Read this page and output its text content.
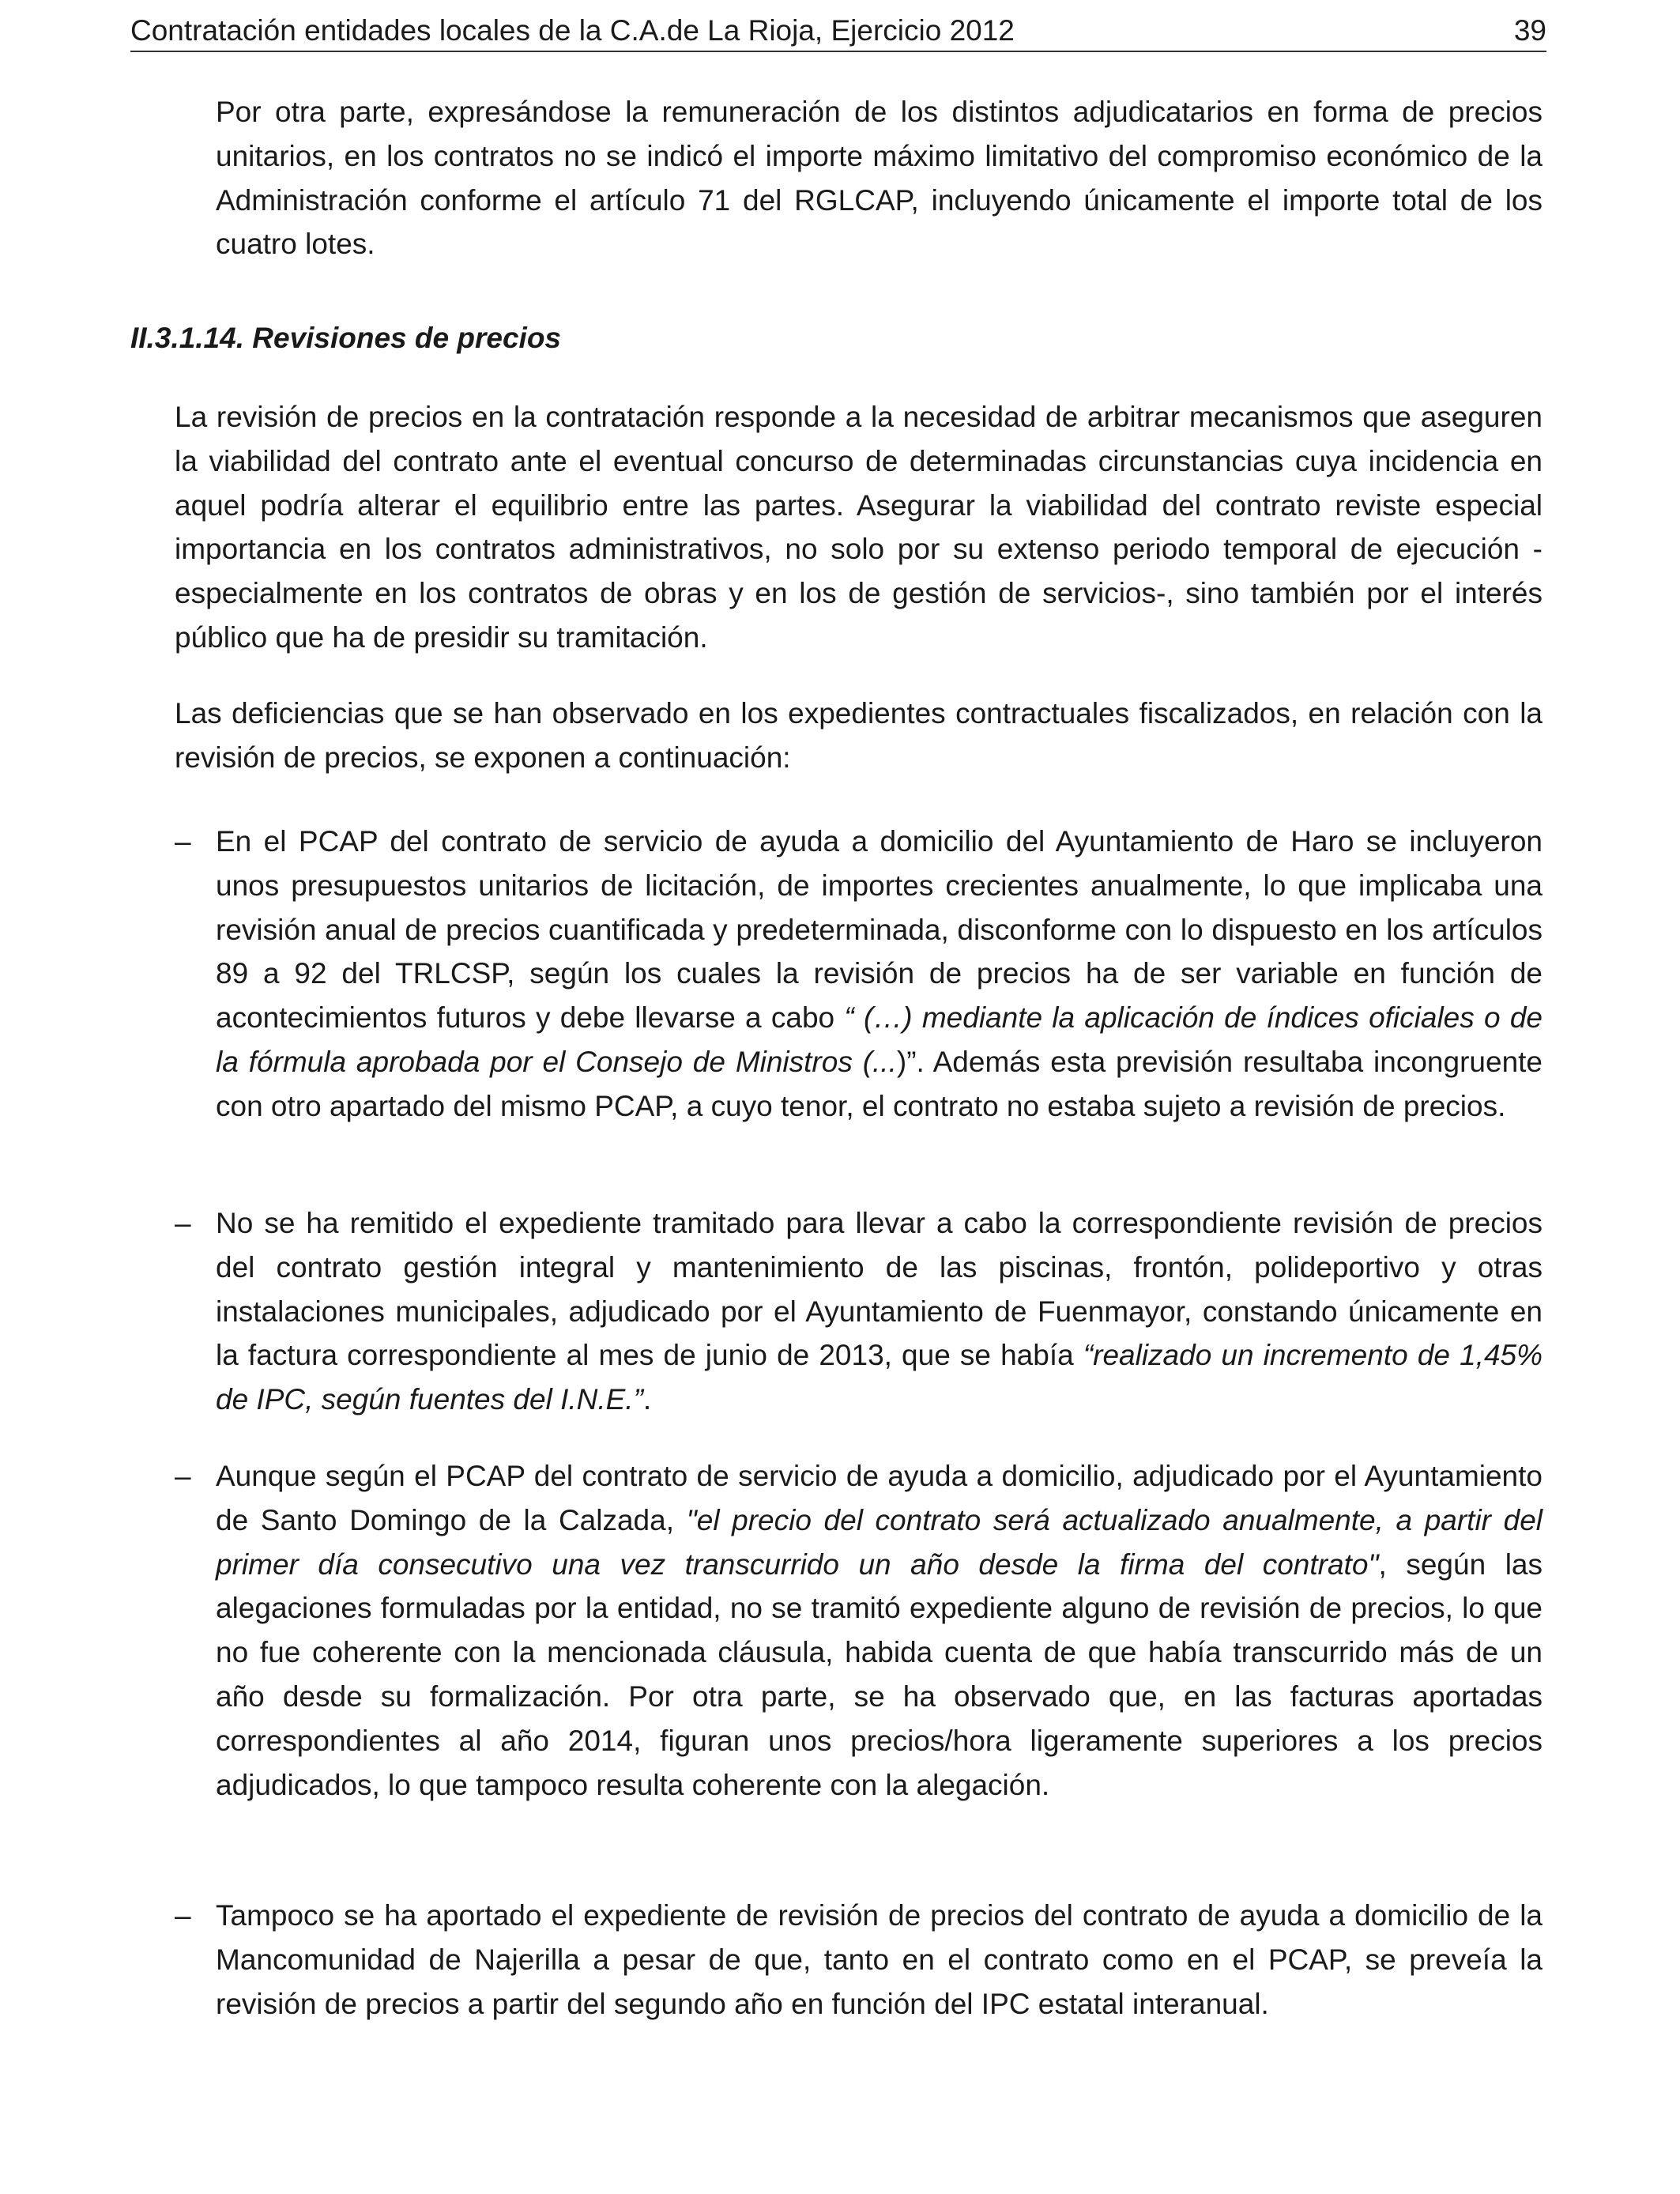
Contratación entidades locales de la C.A.de La Rioja, Ejercicio 2012	39

Por otra parte, expresándose la remuneración de los distintos adjudicatarios en forma de precios unitarios, en los contratos no se indicó el importe máximo limitativo del compromiso económico de la Administración conforme el artículo 71 del RGLCAP, incluyendo únicamente el importe total de los cuatro lotes.

II.3.1.14. Revisiones de precios

La revisión de precios en la contratación responde a la necesidad de arbitrar mecanismos que aseguren la viabilidad del contrato ante el eventual concurso de determinadas circunstancias cuya incidencia en aquel podría alterar el equilibrio entre las partes. Asegurar la viabilidad del contrato reviste especial importancia en los contratos administrativos, no solo por su extenso periodo temporal de ejecución -especialmente en los contratos de obras y en los de gestión de servicios-, sino también por el interés público que ha de presidir su tramitación.

Las deficiencias que se han observado en los expedientes contractuales fiscalizados, en relación con la revisión de precios, se exponen a continuación:

– En el PCAP del contrato de servicio de ayuda a domicilio del Ayuntamiento de Haro se incluyeron unos presupuestos unitarios de licitación, de importes crecientes anualmente, lo que implicaba una revisión anual de precios cuantificada y predeterminada, disconforme con lo dispuesto en los artículos 89 a 92 del TRLCSP, según los cuales la revisión de precios ha de ser variable en función de acontecimientos futuros y debe llevarse a cabo “ (…) mediante la aplicación de índices oficiales o de la fórmula aprobada por el Consejo de Ministros (...)”. Además esta previsión resultaba incongruente con otro apartado del mismo PCAP, a cuyo tenor, el contrato no estaba sujeto a revisión de precios.

– No se ha remitido el expediente tramitado para llevar a cabo la correspondiente revisión de precios del contrato gestión integral y mantenimiento de las piscinas, frontón, polideportivo y otras instalaciones municipales, adjudicado por el Ayuntamiento de Fuenmayor, constando únicamente en la factura correspondiente al mes de junio de 2013, que se había “realizado un incremento de 1,45% de IPC, según fuentes del I.N.E.”.

– Aunque según el PCAP del contrato de servicio de ayuda a domicilio, adjudicado por el Ayuntamiento de Santo Domingo de la Calzada, "el precio del contrato será actualizado anualmente, a partir del primer día consecutivo una vez transcurrido un año desde la firma del contrato", según las alegaciones formuladas por la entidad, no se tramitó expediente alguno de revisión de precios, lo que no fue coherente con la mencionada cláusula, habida cuenta de que había transcurrido más de un año desde su formalización. Por otra parte, se ha observado que, en las facturas aportadas correspondientes al año 2014, figuran unos precios/hora ligeramente superiores a los precios adjudicados, lo que tampoco resulta coherente con la alegación.

– Tampoco se ha aportado el expediente de revisión de precios del contrato de ayuda a domicilio de la Mancomunidad de Najerilla a pesar de que, tanto en el contrato como en el PCAP, se preveía la revisión de precios a partir del segundo año en función del IPC estatal interanual.
